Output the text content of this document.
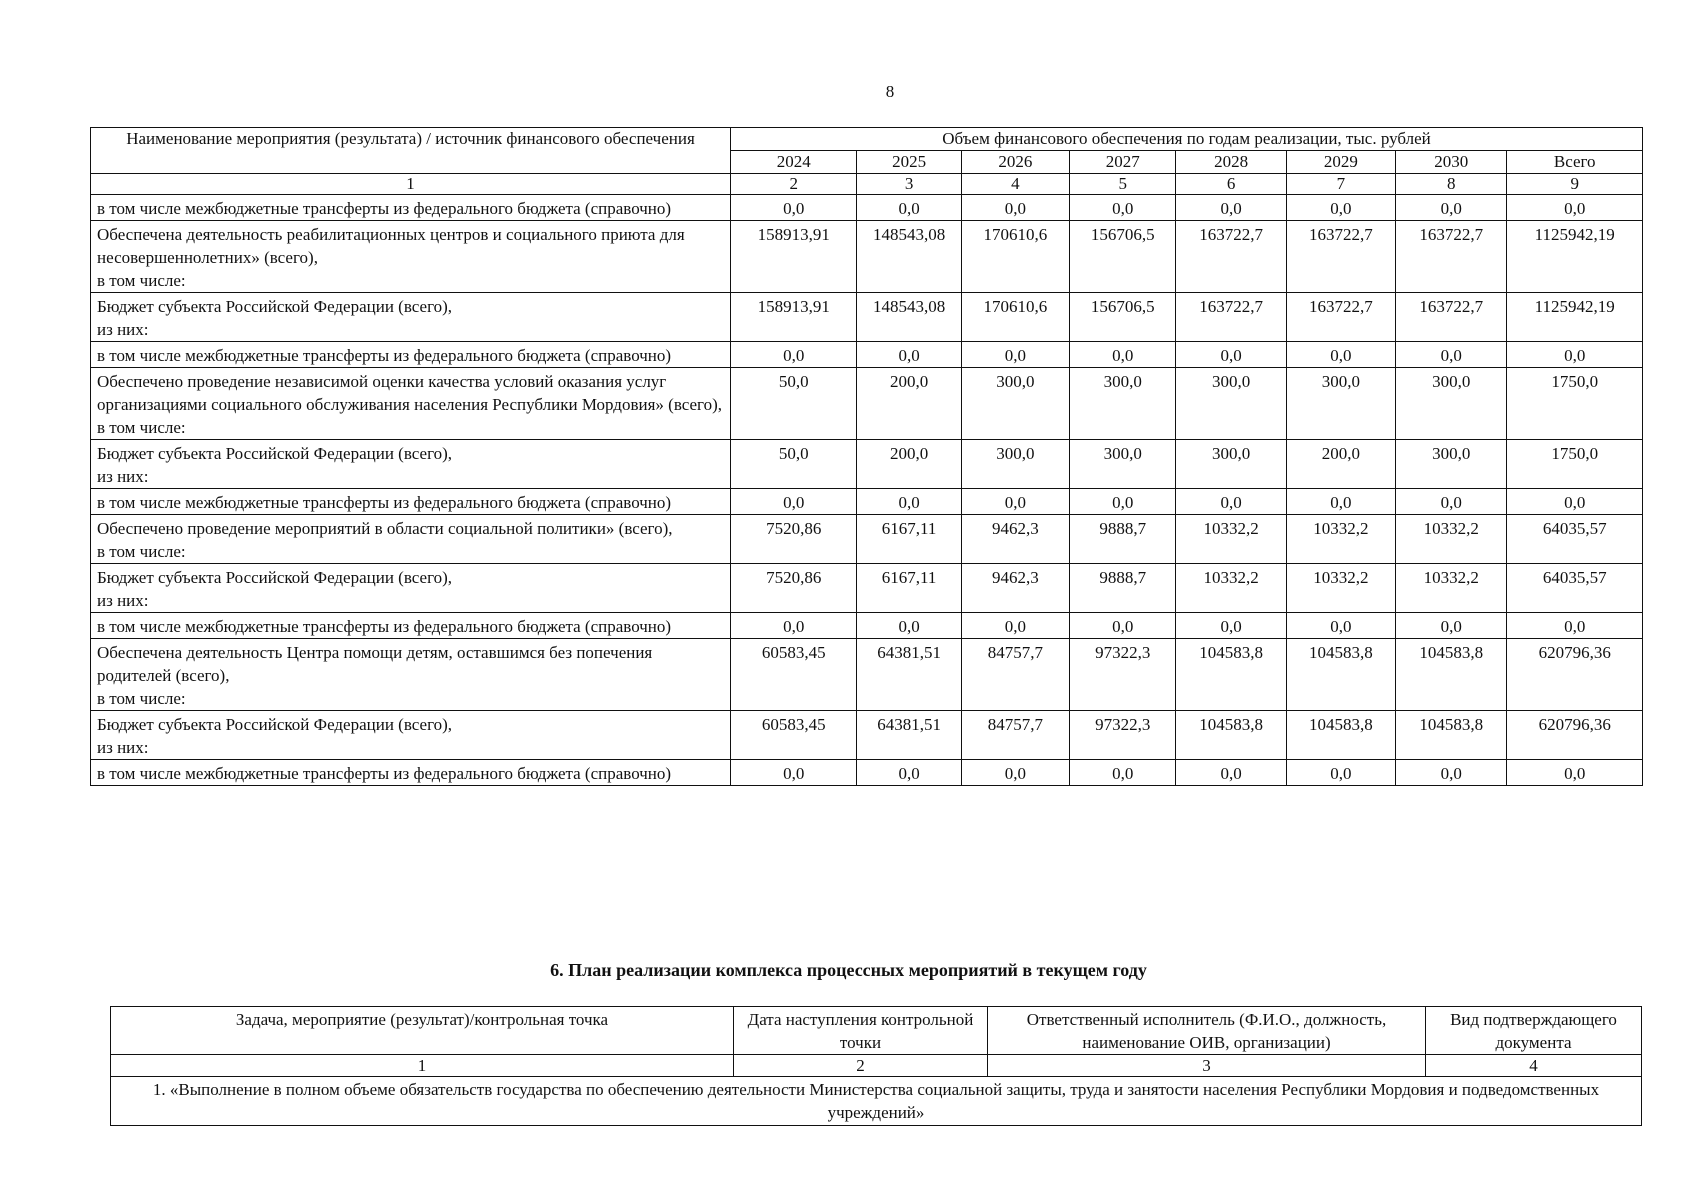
8
Наименование мероприятия (результата) / источник финансового обеспечения	Объем финансового обеспечения по годам реализации, тыс. рублей							
	2024	2025	2026	2027	2028	2029	2030	Всего
1	2	3	4	5	6	7	8	9
в том числе межбюджетные трансферты из федерального бюджета (справочно)	0,0	0,0	0,0	0,0	0,0	0,0	0,0	0,0
Обеспечена деятельность реабилитационных центров и социального приюта для несовершеннолетних» (всего),
в том числе:	158913,91	148543,08	170610,6	156706,5	163722,7	163722,7	163722,7	1125942,19
Бюджет субъекта Российской Федерации (всего),
из них:	158913,91	148543,08	170610,6	156706,5	163722,7	163722,7	163722,7	1125942,19
в том числе межбюджетные трансферты из федерального бюджета (справочно)	0,0	0,0	0,0	0,0	0,0	0,0	0,0	0,0
Обеспечено проведение независимой оценки качества условий оказания услуг организациями социального обслуживания населения Республики Мордовия» (всего),
в том числе:	50,0	200,0	300,0	300,0	300,0	300,0	300,0	1750,0
Бюджет субъекта Российской Федерации (всего),
из них:	50,0	200,0	300,0	300,0	300,0	200,0	300,0	1750,0
в том числе межбюджетные трансферты из федерального бюджета (справочно)	0,0	0,0	0,0	0,0	0,0	0,0	0,0	0,0
Обеспечено проведение мероприятий в области социальной политики» (всего),
в том числе:	7520,86	6167,11	9462,3	9888,7	10332,2	10332,2	10332,2	64035,57
Бюджет субъекта Российской Федерации (всего),
из них:	7520,86	6167,11	9462,3	9888,7	10332,2	10332,2	10332,2	64035,57
в том числе межбюджетные трансферты из федерального бюджета (справочно)	0,0	0,0	0,0	0,0	0,0	0,0	0,0	0,0
Обеспечена деятельность Центра помощи детям, оставшимся без попечения родителей (всего),
в том числе:	60583,45	64381,51	84757,7	97322,3	104583,8	104583,8	104583,8	620796,36
Бюджет субъекта Российской Федерации (всего),
из них:	60583,45	64381,51	84757,7	97322,3	104583,8	104583,8	104583,8	620796,36
в том числе межбюджетные трансферты из федерального бюджета (справочно)	0,0	0,0	0,0	0,0	0,0	0,0	0,0	0,0
6. План реализации комплекса процессных мероприятий в текущем году
Задача, мероприятие (результат)/контрольная точка	Дата наступления контрольной точки	Ответственный исполнитель (Ф.И.О., должность, наименование ОИВ, организации)	Вид подтверждающего документа
1	2	3	4
1. «Выполнение в полном объеме обязательств государства по обеспечению деятельности Министерства социальной защиты, труда и занятости населения Республики Мордовия и подведомственных учреждений»			
